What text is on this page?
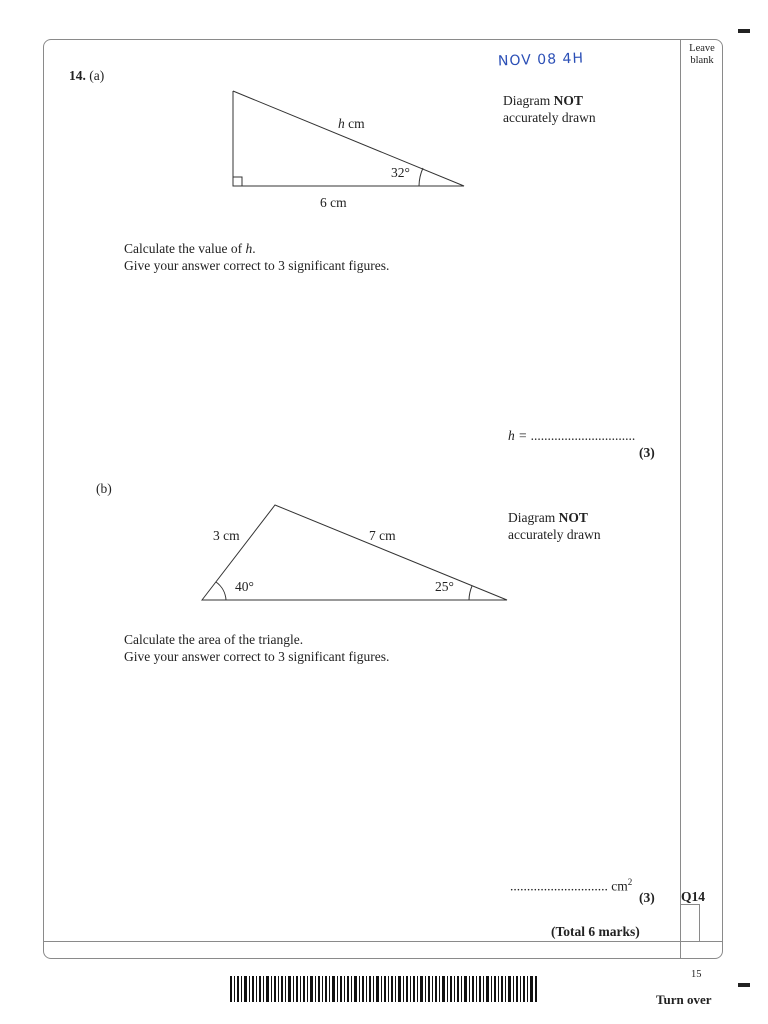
Leave
blank
NOV 08 4H
14. (a)
h cm
32°
6 cm
Diagram NOT
accurately drawn
Calculate the value of h.
Give your answer correct to 3 significant figures.
h = ...............................
(3)
(b)
3 cm	7 cm
40°	25°
Diagram NOT
accurately drawn
Calculate the area of the triangle.
Give your answer correct to 3 significant figures.
............................. $cm^2$
(3)
(Total 6 marks)
Q14
15
Turn over
